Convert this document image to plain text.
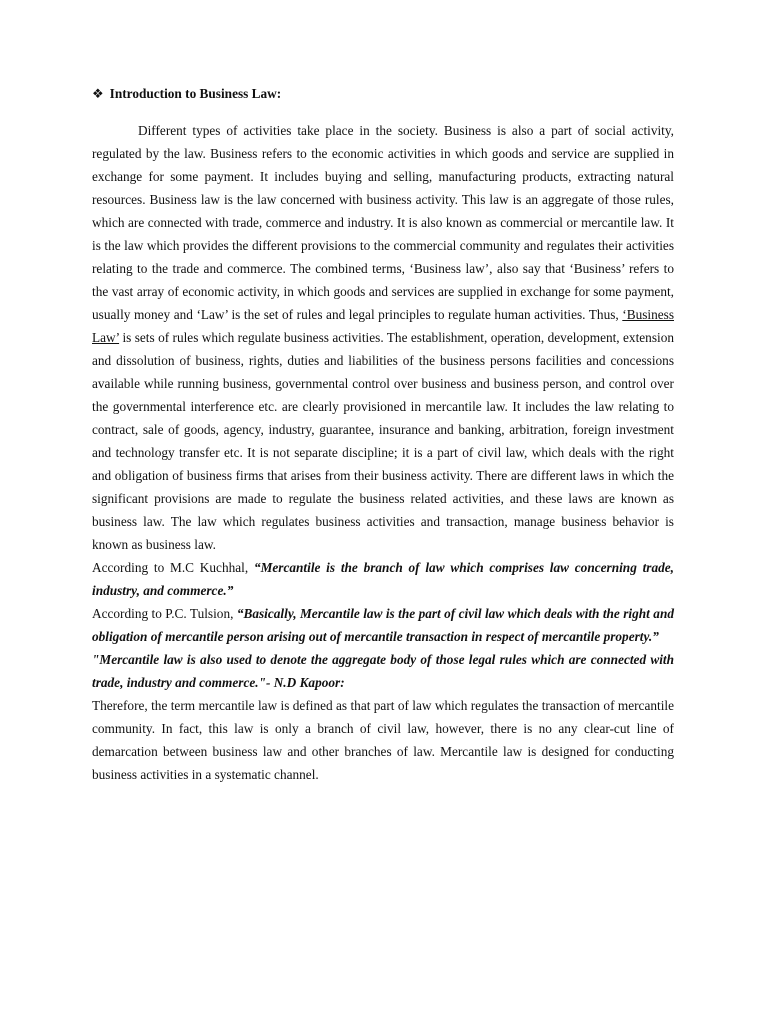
❖ Introduction to Business Law:

Different types of activities take place in the society. Business is also a part of social activity, regulated by the law. Business refers to the economic activities in which goods and service are supplied in exchange for some payment. It includes buying and selling, manufacturing products, extracting natural resources. Business law is the law concerned with business activity. This law is an aggregate of those rules, which are connected with trade, commerce and industry. It is also known as commercial or mercantile law. It is the law which provides the different provisions to the commercial community and regulates their activities relating to the trade and commerce. The combined terms, ‘Business law’, also say that ‘Business’ refers to the vast array of economic activity, in which goods and services are supplied in exchange for some payment, usually money and ‘Law’ is the set of rules and legal principles to regulate human activities. Thus, ‘Business Law’ is sets of rules which regulate business activities. The establishment, operation, development, extension and dissolution of business, rights, duties and liabilities of the business persons facilities and concessions available while running business, governmental control over business and business person, and control over the governmental interference etc. are clearly provisioned in mercantile law. It includes the law relating to contract, sale of goods, agency, industry, guarantee, insurance and banking, arbitration, foreign investment and technology transfer etc. It is not separate discipline; it is a part of civil law, which deals with the right and obligation of business firms that arises from their business activity. There are different laws in which the significant provisions are made to regulate the business related activities, and these laws are known as business law. The law which regulates business activities and transaction, manage business behavior is known as business law.

According to M.C Kuchhal, “Mercantile is the branch of law which comprises law concerning trade, industry, and commerce.”

According to P.C. Tulsion, “Basically, Mercantile law is the part of civil law which deals with the right and obligation of mercantile person arising out of mercantile transaction in respect of mercantile property.”

"Mercantile law is also used to denote the aggregate body of those legal rules which are connected with trade, industry and commerce."- N.D Kapoor:

Therefore, the term mercantile law is defined as that part of law which regulates the transaction of mercantile community. In fact, this law is only a branch of civil law, however, there is no any clear-cut line of demarcation between business law and other branches of law. Mercantile law is designed for conducting business activities in a systematic channel.
